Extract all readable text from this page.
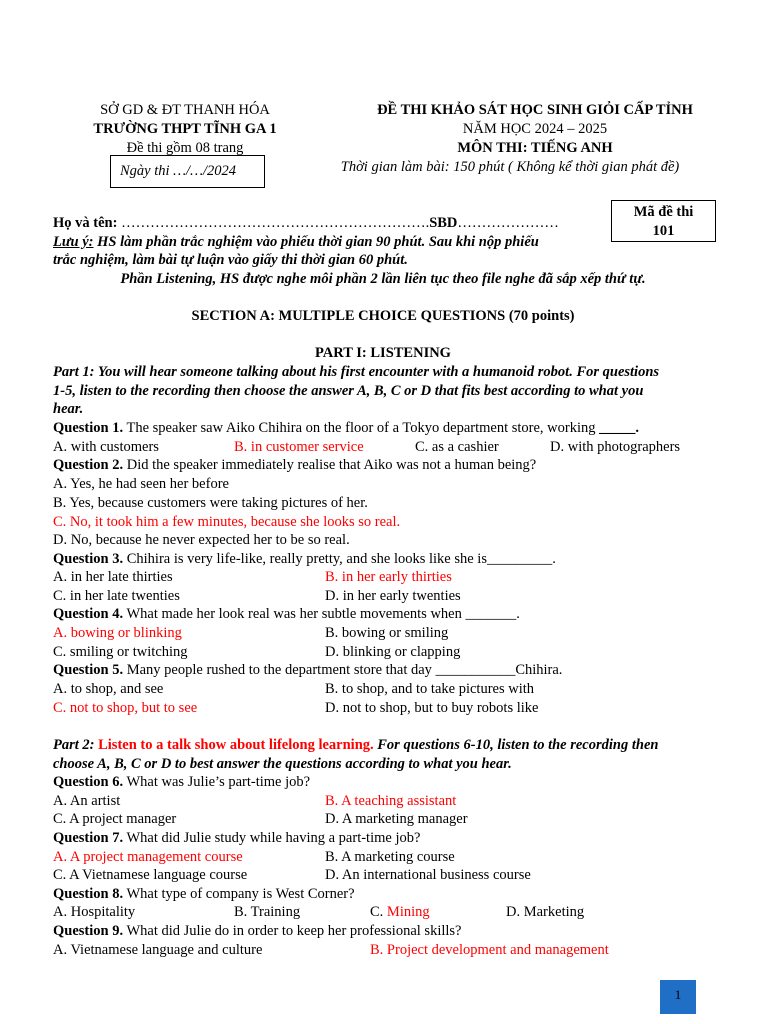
SỞ GD & ĐT THANH HÓA
TRƯỜNG THPT TĨNH GA 1
Đề thi gồm 08 trang
Ngày thi …/…/2024
ĐỀ THI KHẢO SÁT HỌC SINH GIỎI CẤP TỈNH
NĂM HỌC 2024 – 2025
MÔN THI: TIẾNG ANH
Thời gian làm bài: 150 phút ( Không kể thời gian phát đề)
Họ và tên: ……………………………………………………….SBD…………………
Mã đề thi
101
Lưu ý: HS làm phần trắc nghiệm vào phiếu thời gian 90 phút. Sau khi nộp phiếu
trắc nghiệm, làm bài tự luận vào giấy thi thời gian 60 phút.
Phần Listening, HS được nghe môi phần 2 lần liên tục theo file nghe đã sắp xếp thứ tự.
SECTION A: MULTIPLE CHOICE QUESTIONS (70 points)
PART I: LISTENING
Part 1: You will hear someone talking about his first encounter with a humanoid robot. For questions
1-5, listen to the recording then choose the answer A, B, C or D that fits best according to what you
hear.
Question 1. The speaker saw Aiko Chihira on the floor of a Tokyo department store, working _____.
A. with customers	B. in customer service	C. as a cashier	D. with photographers
Question 2. Did the speaker immediately realise that Aiko was not a human being?
A. Yes, he had seen her before
B. Yes, because customers were taking pictures of her.
C. No, it took him a few minutes, because she looks so real.
D. No, because he never expected her to be so real.
Question 3. Chihira is very life-like, really pretty, and she looks like she is_________.
A. in her late thirties	B. in her early thirties
C. in her late twenties	D. in her early twenties
Question 4. What made her look real was her subtle movements when _______.
A. bowing or blinking	B. bowing or smiling
C. smiling or twitching	D. blinking or clapping
Question 5. Many people rushed to the department store that day ___________Chihira.
A. to shop, and see	B. to shop, and to take pictures with
C. not to shop, but to see	D. not to shop, but to buy robots like
Part 2: Listen to a talk show about lifelong learning. For questions 6-10, listen to the recording then
choose A, B, C or D to best answer the questions according to what you hear.
Question 6. What was Julie’s part-time job?
A. An artist	B. A teaching assistant
C. A project manager	D. A marketing manager
Question 7. What did Julie study while having a part-time job?
A. A project management course	B. A marketing course
C. A Vietnamese language course	D. An international business course
Question 8. What type of company is West Corner?
A. Hospitality	B. Training	C. Mining	D. Marketing
Question 9. What did Julie do in order to keep her professional skills?
A. Vietnamese language and culture	B. Project development and management
1
